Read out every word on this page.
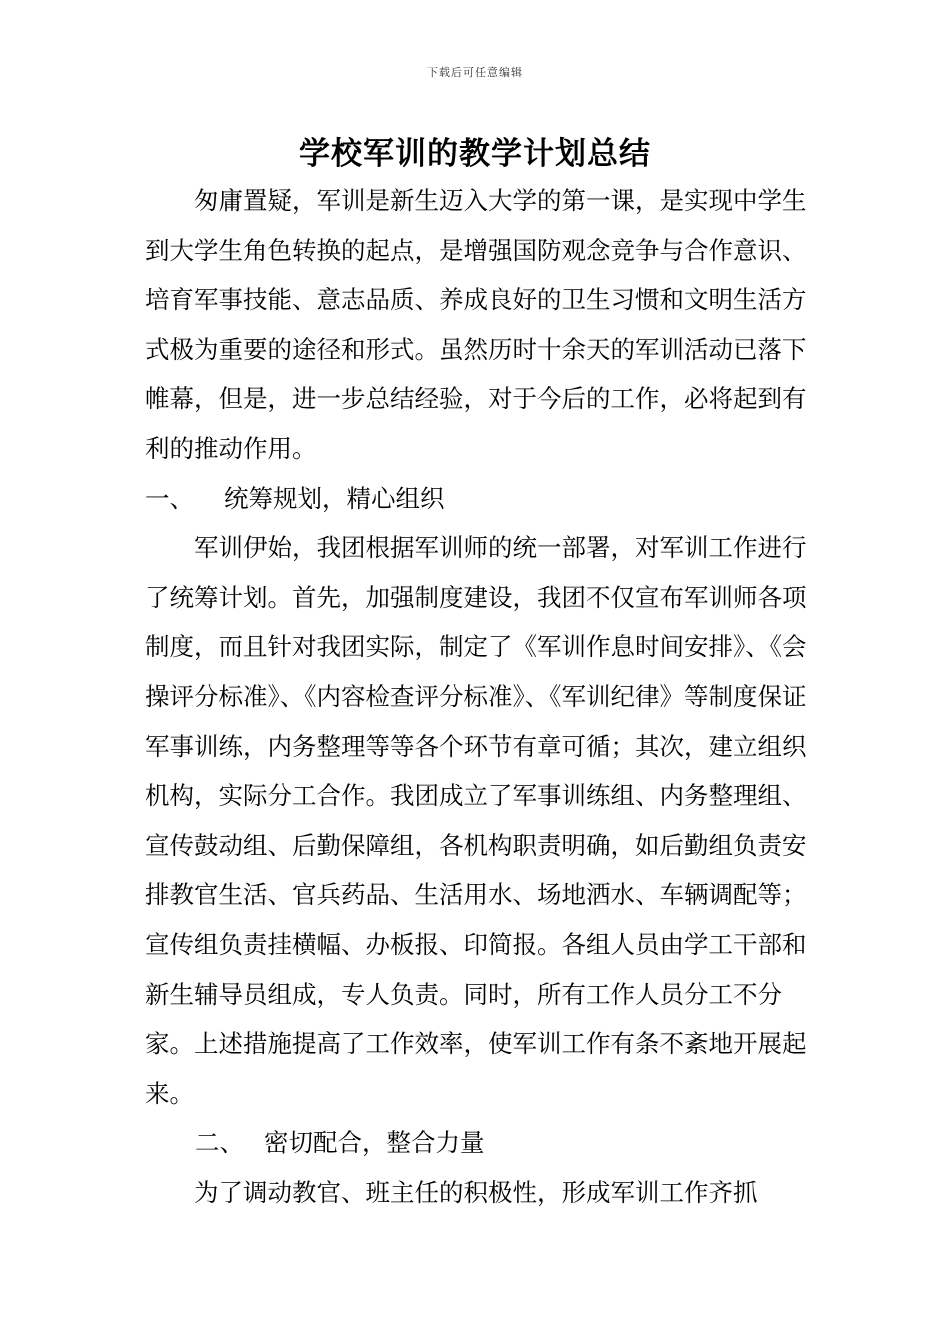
下载后可任意编辑
学校军训的教学计划总结

匆庸置疑，军训是新生迈入大学的第一课，是实现中学生到大学生角色转换的起点，是增强国防观念竞争与合作意识、培育军事技能、意志品质、养成良好的卫生习惯和文明生活方式极为重要的途径和形式。虽然历时十余天的军训活动已落下帷幕，但是，进一步总结经验，对于今后的工作，必将起到有利的推动作用。

一、 统筹规划，精心组织

军训伊始，我团根据军训师的统一部署，对军训工作进行了统筹计划。首先，加强制度建设，我团不仅宣布军训师各项制度，而且针对我团实际，制定了《军训作息时间安排》、《会操评分标准》、《内容检查评分标准》、《军训纪律》等制度保证军事训练，内务整理等等各个环节有章可循；其次，建立组织机构，实际分工合作。我团成立了军事训练组、内务整理组、宣传鼓动组、后勤保障组，各机构职责明确，如后勤组负责安排教官生活、官兵药品、生活用水、场地洒水、车辆调配等；宣传组负责挂横幅、办板报、印简报。各组人员由学工干部和新生辅导员组成，专人负责。同时，所有工作人员分工不分家。上述措施提高了工作效率，使军训工作有条不紊地开展起来。

二、 密切配合，整合力量

为了调动教官、班主任的积极性，形成军训工作齐抓
